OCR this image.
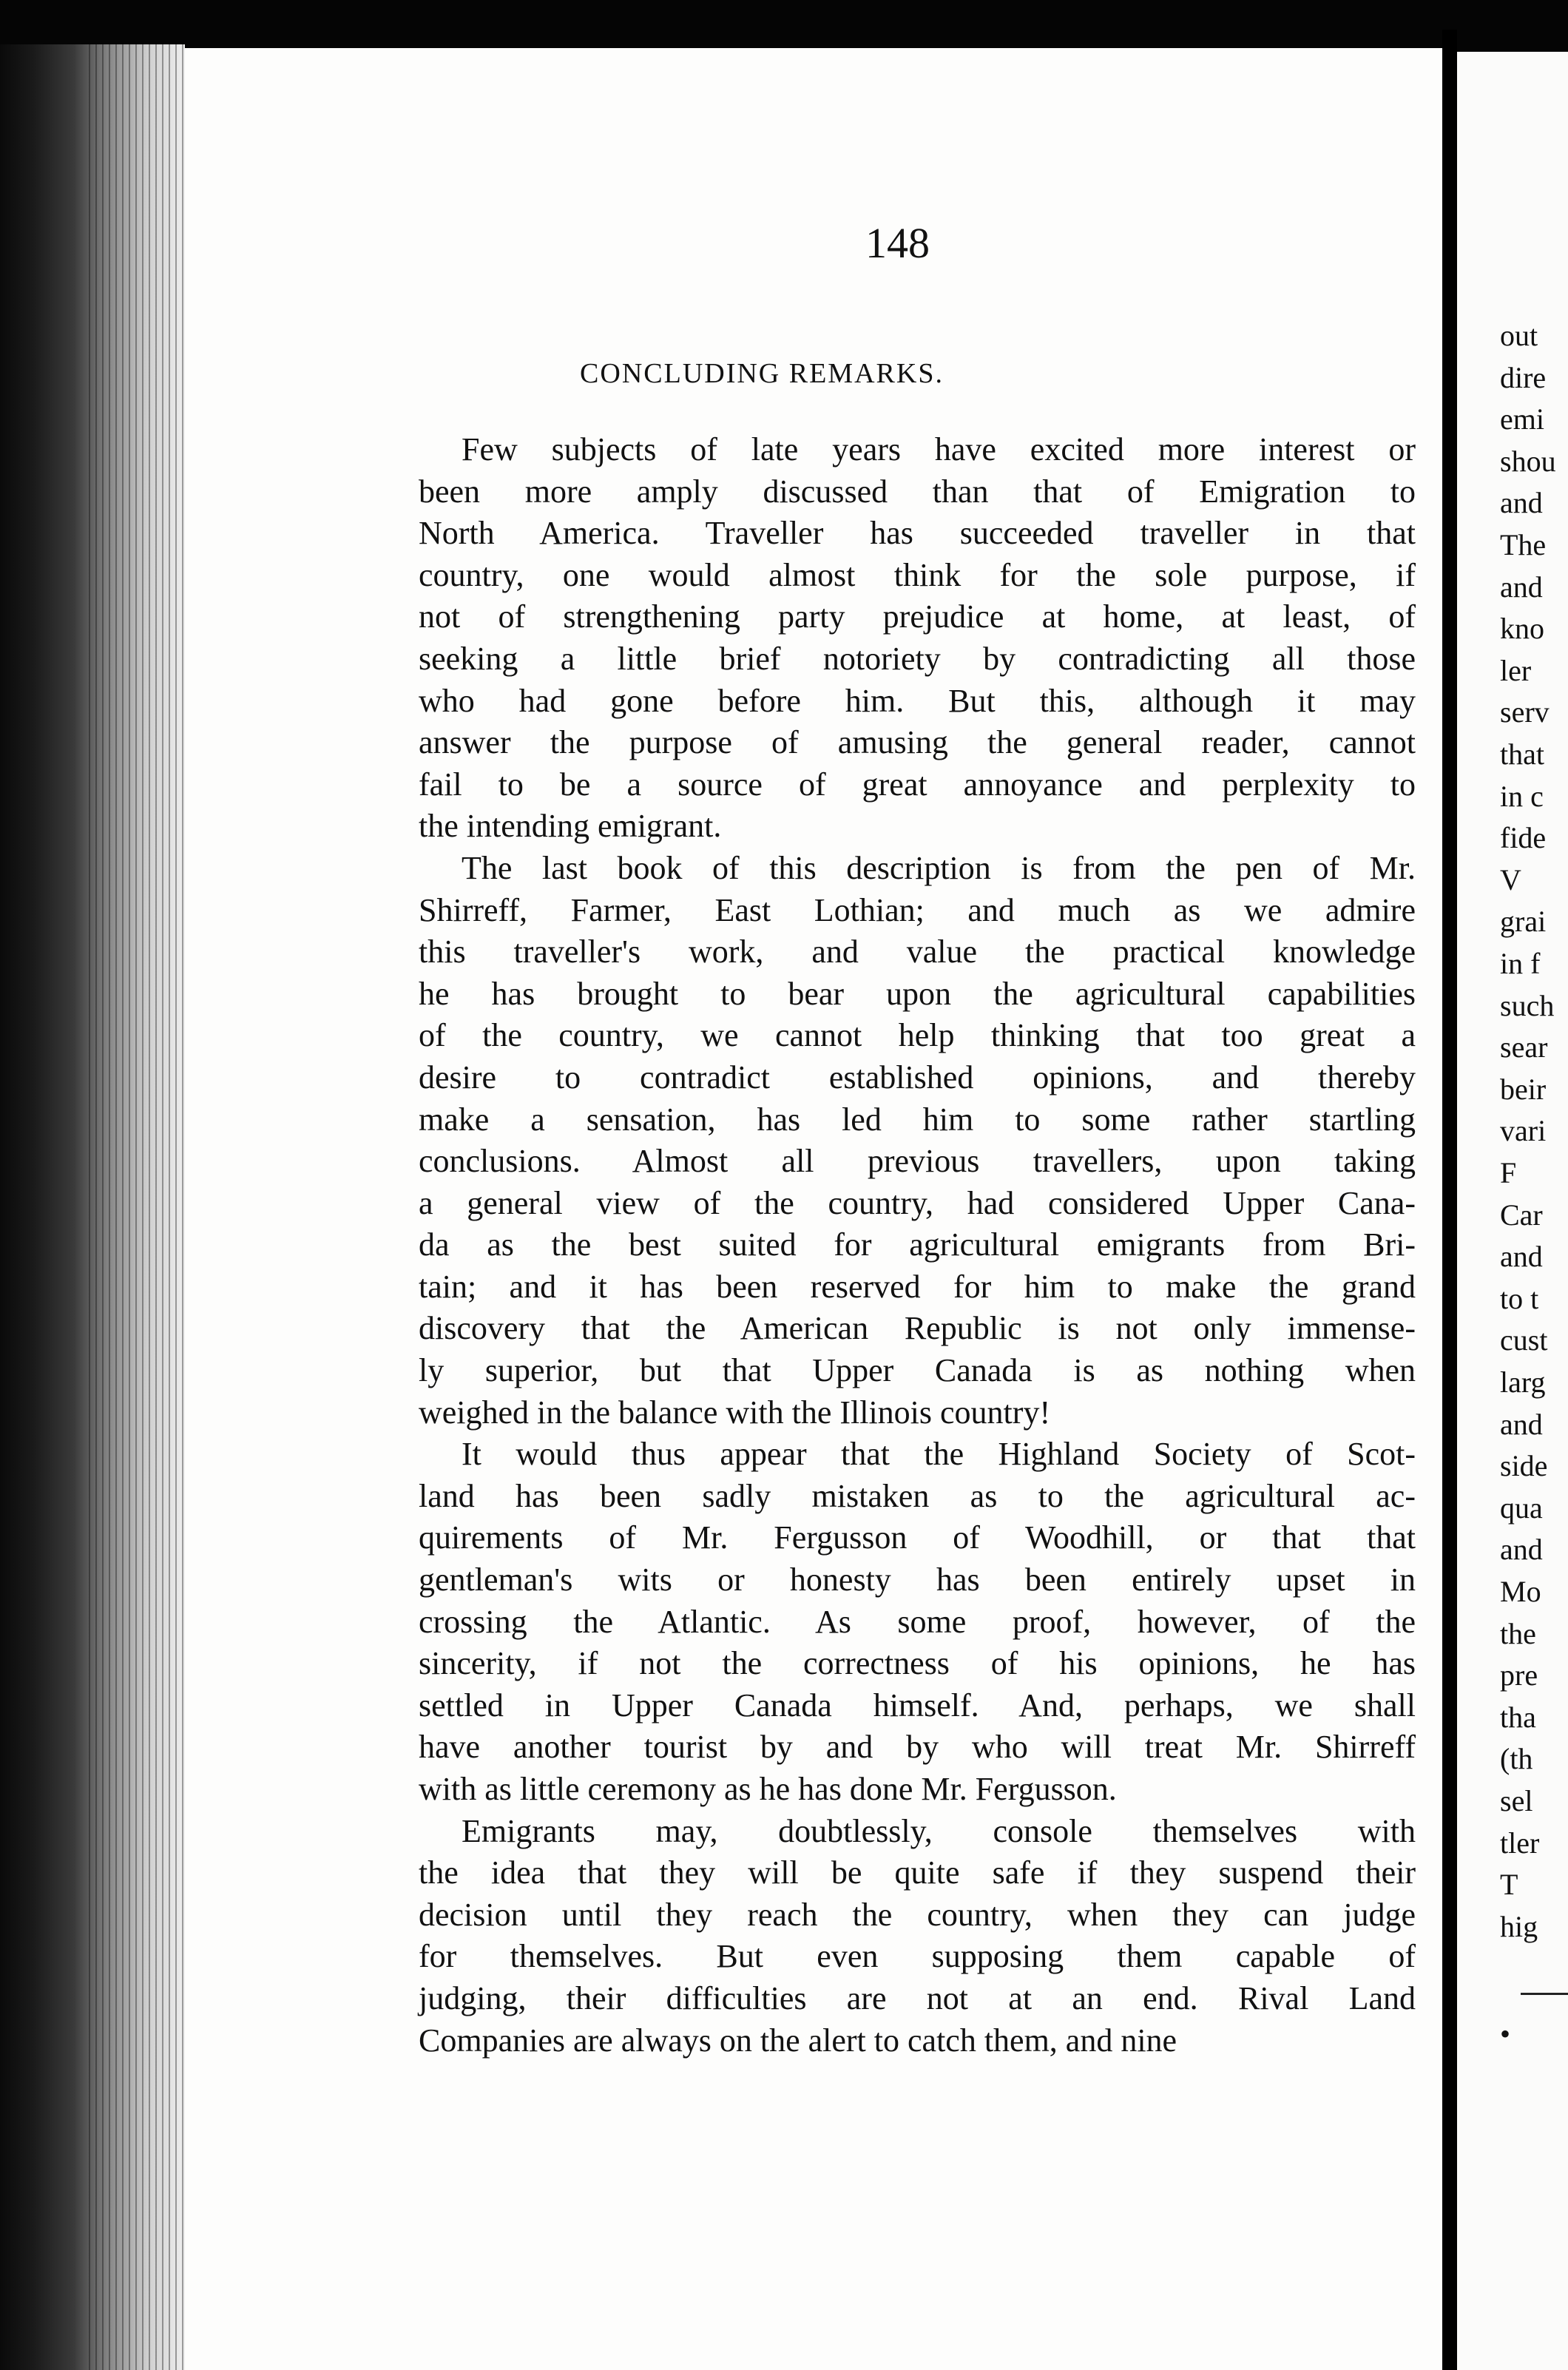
148
CONCLUDING REMARKS.
Few subjects of late years have excited more interest or
been more amply discussed than that of Emigration to
North America. Traveller has succeeded traveller in that
country, one would almost think for the sole purpose, if
not of strengthening party prejudice at home, at least, of
seeking a little brief notoriety by contradicting all those
who had gone before him. But this, although it may
answer the purpose of amusing the general reader, cannot
fail to be a source of great annoyance and perplexity to
the intending emigrant.
The last book of this description is from the pen of Mr.
Shirreff, Farmer, East Lothian; and much as we admire
this traveller's work, and value the practical knowledge
he has brought to bear upon the agricultural capabilities
of the country, we cannot help thinking that too great a
desire to contradict established opinions, and thereby
make a sensation, has led him to some rather startling
conclusions. Almost all previous travellers, upon taking
a general view of the country, had considered Upper Cana-
da as the best suited for agricultural emigrants from Bri-
tain; and it has been reserved for him to make the grand
discovery that the American Republic is not only immense-
ly superior, but that Upper Canada is as nothing when
weighed in the balance with the Illinois country!
It would thus appear that the Highland Society of Scot-
land has been sadly mistaken as to the agricultural ac-
quirements of Mr. Fergusson of Woodhill, or that that
gentleman's wits or honesty has been entirely upset in
crossing the Atlantic. As some proof, however, of the
sincerity, if not the correctness of his opinions, he has
settled in Upper Canada himself. And, perhaps, we shall
have another tourist by and by who will treat Mr. Shirreff
with as little ceremony as he has done Mr. Fergusson.
Emigrants may, doubtlessly, console themselves with
the idea that they will be quite safe if they suspend their
decision until they reach the country, when they can judge
for themselves. But even supposing them capable of
judging, their difficulties are not at an end. Rival Land
Companies are always on the alert to catch them, and nine
out
dire
emi
shou
and
The
and
kno
ler
serv
that
in c
fide
V
grai
in f
such
sear
beir
vari
F
Car
and
to t
cust
larg
and
side
qua
and
Mo
the
pre
tha
(th
sel
tler
T
hig
•
